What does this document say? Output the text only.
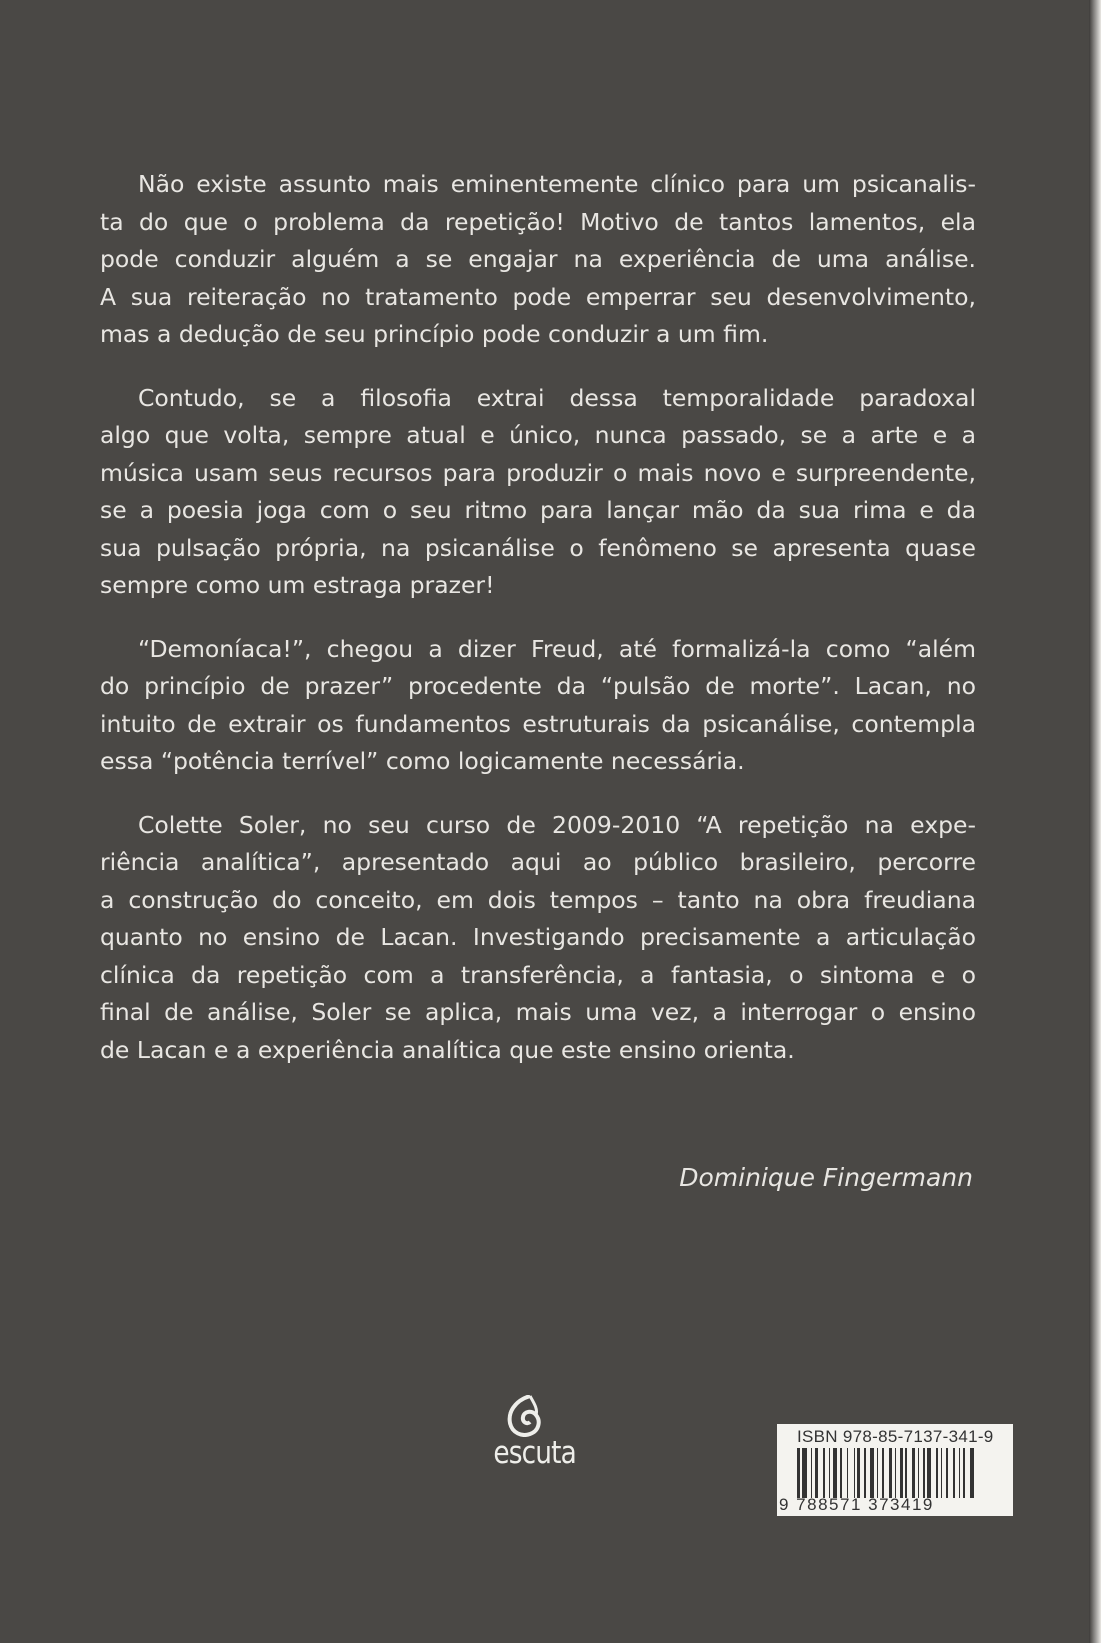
Não existe assunto mais eminentemente clínico para um psicanalis-
ta do que o problema da repetição! Motivo de tantos lamentos, ela
pode conduzir alguém a se engajar na experiência de uma análise.
A sua reiteração no tratamento pode emperrar seu desenvolvimento,
mas a dedução de seu princípio pode conduzir a um fim.
Contudo, se a filosofia extrai dessa temporalidade paradoxal
algo que volta, sempre atual e único, nunca passado, se a arte e a
música usam seus recursos para produzir o mais novo e surpreendente,
se a poesia joga com o seu ritmo para lançar mão da sua rima e da
sua pulsação própria, na psicanálise o fenômeno se apresenta quase
sempre como um estraga prazer!
“Demoníaca!”, chegou a dizer Freud, até formalizá-la como “além
do princípio de prazer” procedente da “pulsão de morte”. Lacan, no
intuito de extrair os fundamentos estruturais da psicanálise, contempla
essa “potência terrível” como logicamente necessária.
Colette Soler, no seu curso de 2009-2010 “A repetição na expe-
riência analítica”, apresentado aqui ao público brasileiro, percorre
a construção do conceito, em dois tempos – tanto na obra freudiana
quanto no ensino de Lacan. Investigando precisamente a articulação
clínica da repetição com a transferência, a fantasia, o sintoma e o
final de análise, Soler se aplica, mais uma vez, a interrogar o ensino
de Lacan e a experiência analítica que este ensino orienta.
Dominique Fingermann
escuta	ISBN 978-85-7137-341-9
9 788571 373419
